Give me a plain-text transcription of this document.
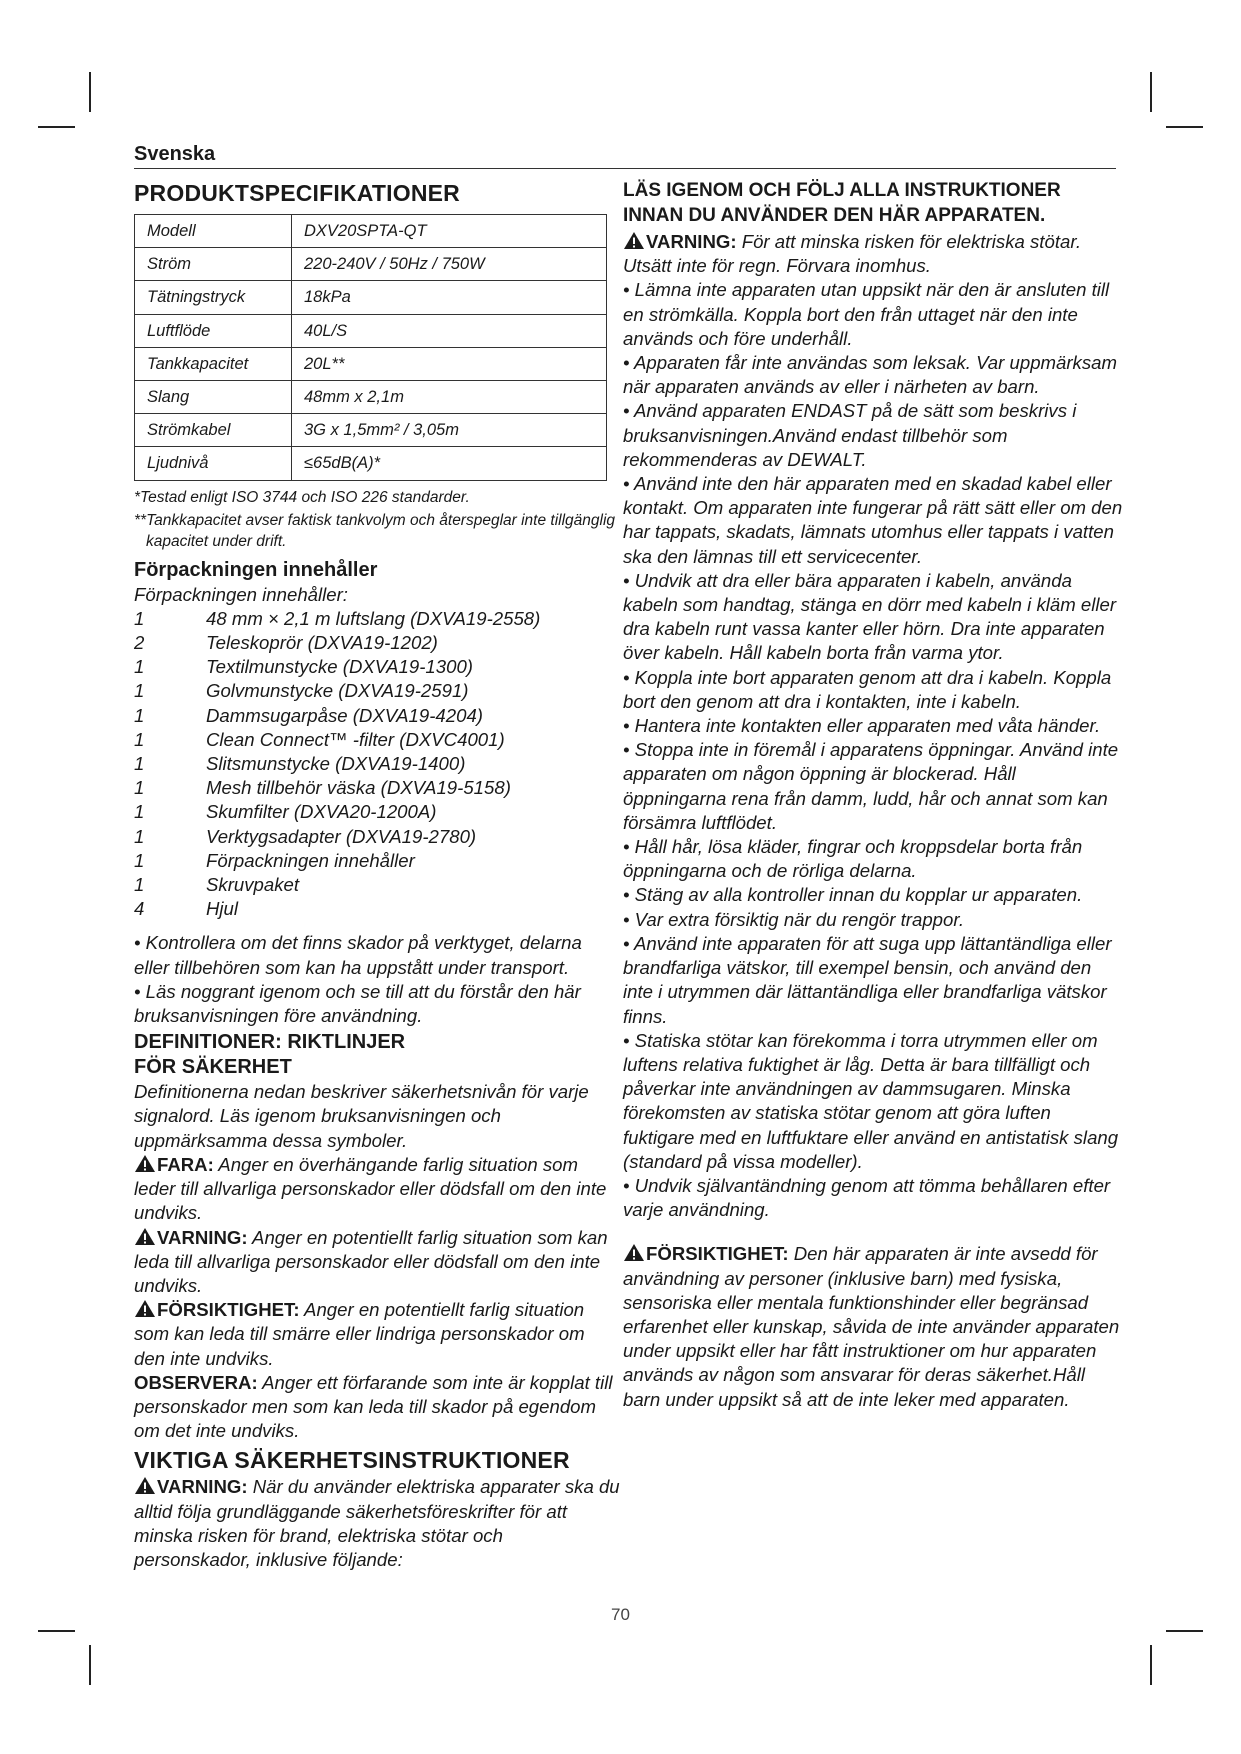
Svenska
PRODUKTSPECIFIKATIONER
Modell	DXV20SPTA-QT
Ström	220-240V / 50Hz / 750W
Tätningstryck	18kPa
Luftflöde	40L/S
Tankkapacitet	20L**
Slang	48mm x 2,1m
Strömkabel	3G x 1,5mm² / 3,05m
Ljudnivå	≤65dB(A)*

*Testad enligt ISO 3744 och ISO 226 standarder.

**Tankkapacitet avser faktisk tankvolym och återspeglar inte tillgänglig kapacitet under drift.

Förpackningen innehåller

Förpackningen innehåller:

1	48 mm × 2,1 m luftslang (DXVA19-2558)
2	Teleskoprör (DXVA19-1202)
1	Textilmunstycke (DXVA19-1300)
1	Golvmunstycke (DXVA19-2591)
1	Dammsugarpåse (DXVA19-4204)
1	Clean Connect™ -filter (DXVC4001)
1	Slitsmunstycke (DXVA19-1400)
1	Mesh tillbehör väska (DXVA19-5158)
1	Skumfilter (DXVA20-1200A)
1	Verktygsadapter (DXVA19-2780)
1	Förpackningen innehåller
1	Skruvpaket
4	Hjul

• Kontrollera om det finns skador på verktyget, delarna eller tillbehören som kan ha uppstått under transport.

• Läs noggrant igenom och se till att du förstår den här bruksanvisningen före användning.

DEFINITIONER: RIKTLINJER
FÖR SÄKERHET

Definitionerna nedan beskriver säkerhetsnivån för varje signalord. Läs igenom bruksanvisningen och uppmärksamma dessa symboler.

FARA: Anger en överhängande farlig situation som leder till allvarliga personskador eller dödsfall om den inte undviks.

VARNING: Anger en potentiellt farlig situation som kan leda till allvarliga personskador eller dödsfall om den inte undviks.

FÖRSIKTIGHET: Anger en potentiellt farlig situation som kan leda till smärre eller lindriga personskador om den inte undviks.

OBSERVERA: Anger ett förfarande som inte är kopplat till personskador men som kan leda till skador på egendom om det inte undviks.

VIKTIGA SÄKERHETSINSTRUKTIONER

VARNING: När du använder elektriska apparater ska du alltid följa grundläggande säkerhetsföreskrifter för att minska risken för brand, elektriska stötar och personskador, inklusive följande:

LÄS IGENOM OCH FÖLJ ALLA INSTRUKTIONER INNAN DU ANVÄNDER DEN HÄR APPARATEN.

VARNING: För att minska risken för elektriska stötar. Utsätt inte för regn. Förvara inomhus.

• Lämna inte apparaten utan uppsikt när den är ansluten till en strömkälla. Koppla bort den från uttaget när den inte används och före underhåll.

• Apparaten får inte användas som leksak. Var uppmärksam när apparaten används av eller i närheten av barn.

• Använd apparaten ENDAST på de sätt som beskrivs i bruksanvisningen.Använd endast tillbehör som rekommenderas av DEWALT.

• Använd inte den här apparaten med en skadad kabel eller kontakt. Om apparaten inte fungerar på rätt sätt eller om den har tappats, skadats, lämnats utomhus eller tappats i vatten ska den lämnas till ett servicecenter.

• Undvik att dra eller bära apparaten i kabeln, använda kabeln som handtag, stänga en dörr med kabeln i kläm eller dra kabeln runt vassa kanter eller hörn. Dra inte apparaten över kabeln. Håll kabeln borta från varma ytor.

• Koppla inte bort apparaten genom att dra i kabeln. Koppla bort den genom att dra i kontakten, inte i kabeln.

• Hantera inte kontakten eller apparaten med våta händer.

• Stoppa inte in föremål i apparatens öppningar. Använd inte apparaten om någon öppning är blockerad. Håll öppningarna rena från damm, ludd, hår och annat som kan försämra luftflödet.

• Håll hår, lösa kläder, fingrar och kroppsdelar borta från öppningarna och de rörliga delarna.

• Stäng av alla kontroller innan du kopplar ur apparaten.

• Var extra försiktig när du rengör trappor.

• Använd inte apparaten för att suga upp lättantändliga eller brandfarliga vätskor, till exempel bensin, och använd den inte i utrymmen där lättantändliga eller brandfarliga vätskor finns.

• Statiska stötar kan förekomma i torra utrymmen eller om luftens relativa fuktighet är låg. Detta är bara tillfälligt och påverkar inte användningen av dammsugaren. Minska förekomsten av statiska stötar genom att göra luften fuktigare med en luftfuktare eller använd en antistatisk slang (standard på vissa modeller).

• Undvik självantändning genom att tömma behållaren efter varje användning.

FÖRSIKTIGHET: Den här apparaten är inte avsedd för användning av personer (inklusive barn) med fysiska, sensoriska eller mentala funktionshinder eller begränsad erfarenhet eller kunskap, såvida de inte använder apparaten under uppsikt eller har fått instruktioner om hur apparaten används av någon som ansvarar för deras säkerhet.Håll barn under uppsikt så att de inte leker med apparaten.

70
